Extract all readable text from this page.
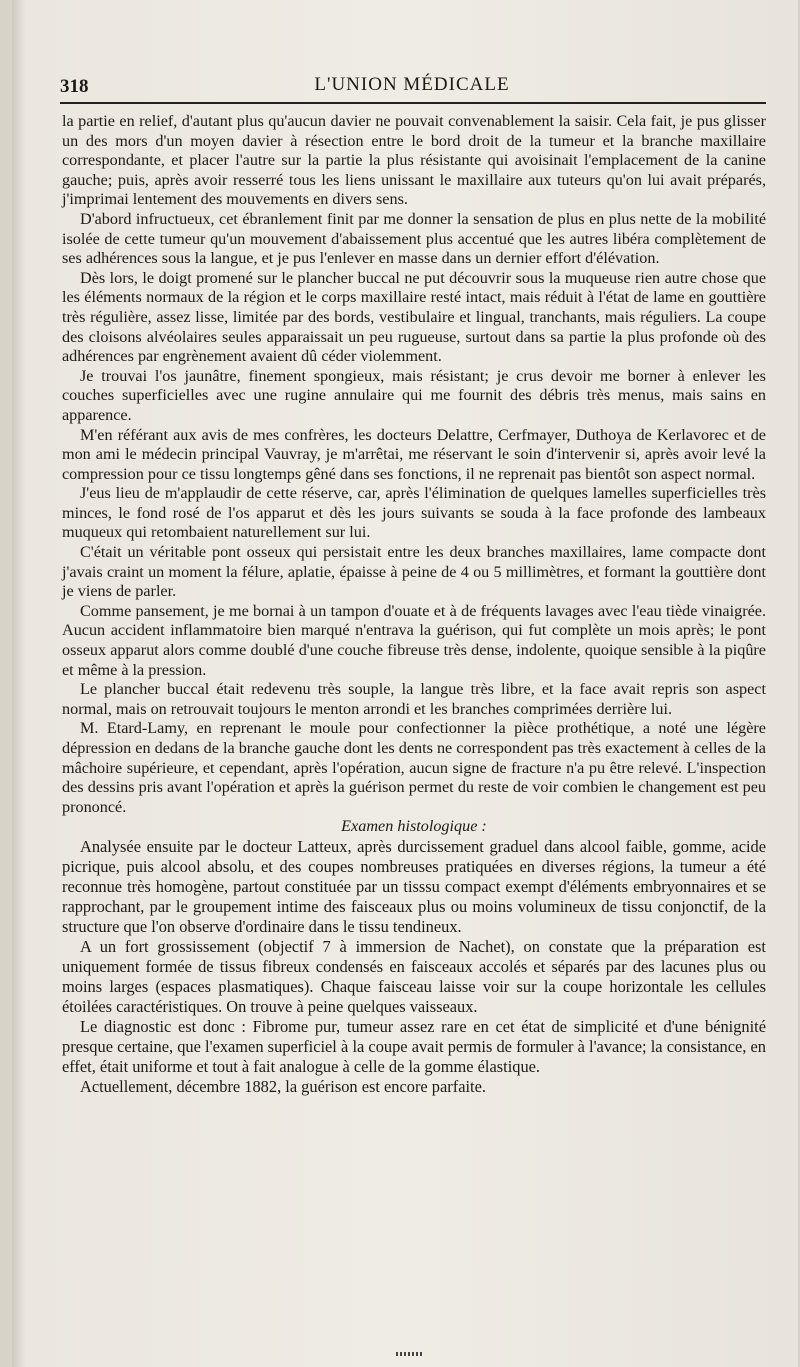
318	L'UNION MÉDICALE

la partie en relief, d'autant plus qu'aucun davier ne pouvait convenablement la saisir. Cela fait, je pus glisser un des mors d'un moyen davier à résection entre le bord droit de la tumeur et la branche maxillaire correspondante, et placer l'autre sur la partie la plus résistante qui avoisinait l'emplacement de la canine gauche; puis, après avoir resserré tous les liens unissant le maxillaire aux tuteurs qu'on lui avait préparés, j'imprimai lentement des mouvements en divers sens.

D'abord infructueux, cet ébranlement finit par me donner la sensation de plus en plus nette de la mobilité isolée de cette tumeur qu'un mouvement d'abaissement plus accentué que les autres libéra complètement de ses adhérences sous la langue, et je pus l'enlever en masse dans un dernier effort d'élévation.

Dès lors, le doigt promené sur le plancher buccal ne put découvrir sous la muqueuse rien autre chose que les éléments normaux de la région et le corps maxillaire resté intact, mais réduit à l'état de lame en gouttière très régulière, assez lisse, limitée par des bords, vestibulaire et lingual, tranchants, mais réguliers. La coupe des cloisons alvéolaires seules apparaissait un peu rugueuse, surtout dans sa partie la plus profonde où des adhérences par engrènement avaient dû céder violemment.

Je trouvai l'os jaunâtre, finement spongieux, mais résistant; je crus devoir me borner à enlever les couches superficielles avec une rugine annulaire qui me fournit des débris très menus, mais sains en apparence.

M'en référant aux avis de mes confrères, les docteurs Delattre, Cerfmayer, Duthoya de Kerlavorec et de mon ami le médecin principal Vauvray, je m'arrêtai, me réservant le soin d'intervenir si, après avoir levé la compression pour ce tissu longtemps gêné dans ses fonctions, il ne reprenait pas bientôt son aspect normal.

J'eus lieu de m'applaudir de cette réserve, car, après l'élimination de quelques lamelles superficielles très minces, le fond rosé de l'os apparut et dès les jours suivants se souda à la face profonde des lambeaux muqueux qui retombaient naturellement sur lui.

C'était un véritable pont osseux qui persistait entre les deux branches maxillaires, lame compacte dont j'avais craint un moment la félure, aplatie, épaisse à peine de 4 ou 5 millimètres, et formant la gouttière dont je viens de parler.

Comme pansement, je me bornai à un tampon d'ouate et à de fréquents lavages avec l'eau tiède vinaigrée. Aucun accident inflammatoire bien marqué n'entrava la guérison, qui fut complète un mois après; le pont osseux apparut alors comme doublé d'une couche fibreuse très dense, indolente, quoique sensible à la piqûre et même à la pression.

Le plancher buccal était redevenu très souple, la langue très libre, et la face avait repris son aspect normal, mais on retrouvait toujours le menton arrondi et les branches comprimées derrière lui.

M. Etard-Lamy, en reprenant le moule pour confectionner la pièce prothétique, a noté une légère dépression en dedans de la branche gauche dont les dents ne correspondent pas très exactement à celles de la mâchoire supérieure, et cependant, après l'opération, aucun signe de fracture n'a pu être relevé. L'inspection des dessins pris avant l'opération et après la guérison permet du reste de voir combien le changement est peu prononcé.

Examen histologique :

Analysée ensuite par le docteur Latteux, après durcissement graduel dans alcool faible, gomme, acide picrique, puis alcool absolu, et des coupes nombreuses pratiquées en diverses régions, la tumeur a été reconnue très homogène, partout constituée par un tisssu compact exempt d'éléments embryonnaires et se rapprochant, par le groupement intime des faisceaux plus ou moins volumineux de tissu conjonctif, de la structure que l'on observe d'ordinaire dans le tissu tendineux.

A un fort grossissement (objectif 7 à immersion de Nachet), on constate que la préparation est uniquement formée de tissus fibreux condensés en faisceaux accolés et séparés par des lacunes plus ou moins larges (espaces plasmatiques). Chaque faisceau laisse voir sur la coupe horizontale les cellules étoilées caractéristiques. On trouve à peine quelques vaisseaux.

Le diagnostic est donc : Fibrome pur, tumeur assez rare en cet état de simplicité et d'une bénignité presque certaine, que l'examen superficiel à la coupe avait permis de formuler à l'avance; la consistance, en effet, était uniforme et tout à fait analogue à celle de la gomme élastique.

Actuellement, décembre 1882, la guérison est encore parfaite.
